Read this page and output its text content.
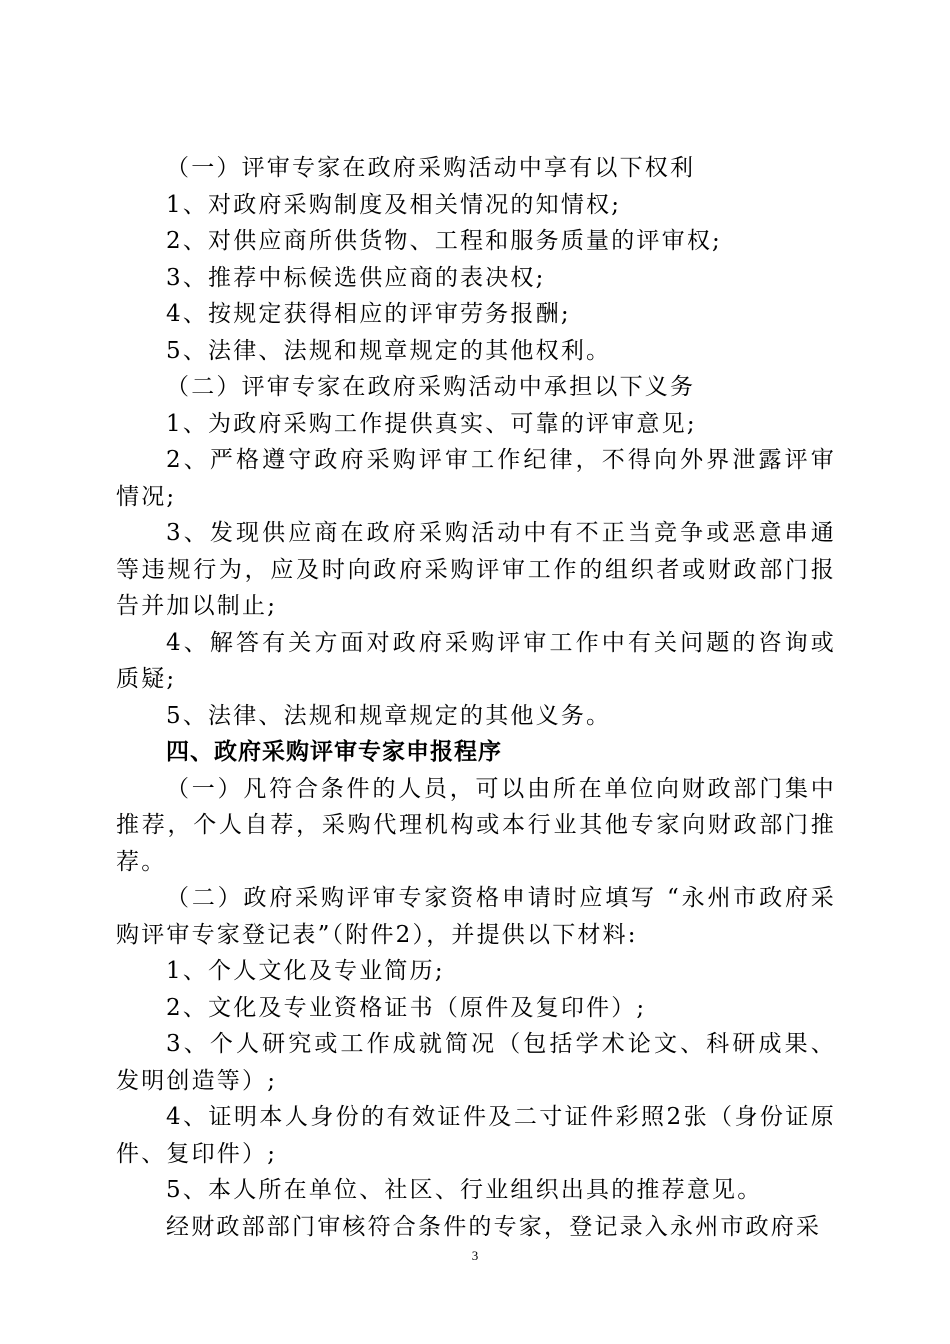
（一）评审专家在政府采购活动中享有以下权利

1、对政府采购制度及相关情况的知情权;

2、对供应商所供货物、工程和服务质量的评审权;

3、推荐中标候选供应商的表决权;

4、按规定获得相应的评审劳务报酬;

5、法律、法规和规章规定的其他权利。

（二）评审专家在政府采购活动中承担以下义务

1、为政府采购工作提供真实、可靠的评审意见;

2、严格遵守政府采购评审工作纪律，不得向外界泄露评审情况;

3、发现供应商在政府采购活动中有不正当竞争或恶意串通等违规行为，应及时向政府采购评审工作的组织者或财政部门报告并加以制止;

4、解答有关方面对政府采购评审工作中有关问题的咨询或质疑;

5、法律、法规和规章规定的其他义务。

四、政府采购评审专家申报程序

（一）凡符合条件的人员，可以由所在单位向财政部门集中推荐，个人自荐，采购代理机构或本行业其他专家向财政部门推荐。

（二）政府采购评审专家资格申请时应填写 “永州市政府采购评审专家登记表”（附件2），并提供以下材料:

1、个人文化及专业简历;

2、文化及专业资格证书（原件及复印件）;

3、个人研究或工作成就简况（包括学术论文、科研成果、发明创造等）;

4、证明本人身份的有效证件及二寸证件彩照2张（身份证原件、复印件）;

5、本人所在单位、社区、行业组织出具的推荐意见。

经财政部部门审核符合条件的专家，登记录入永州市政府采

3
